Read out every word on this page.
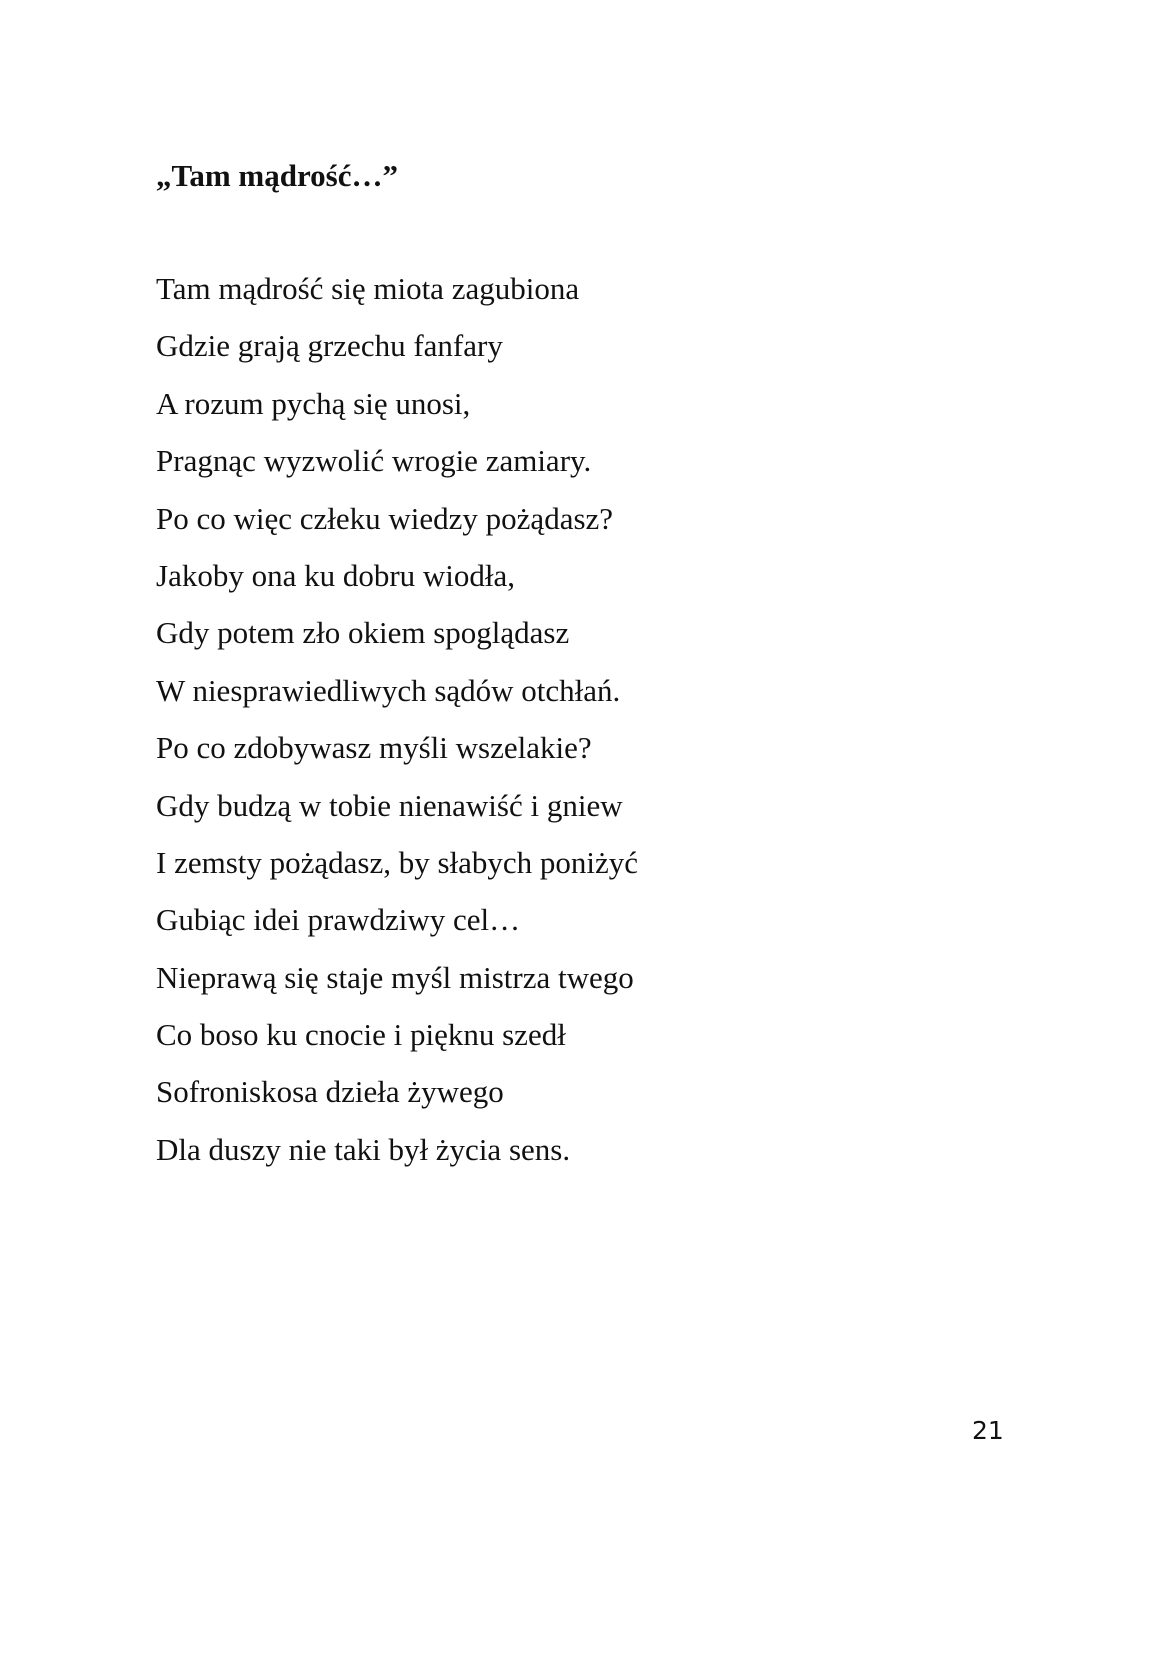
„Tam mądrość…”
Tam mądrość się miota zagubiona
Gdzie grają grzechu fanfary
A rozum pychą się unosi,
Pragnąc wyzwolić wrogie zamiary.
Po co więc człeku wiedzy pożądasz?
Jakoby ona ku dobru wiodła,
Gdy potem zło okiem spoglądasz
W niesprawiedliwych sądów otchłań.
Po co zdobywasz myśli wszelakie?
Gdy budzą w tobie nienawiść i gniew
I zemsty pożądasz, by słabych poniżyć
Gubiąc idei prawdziwy cel…
Nieprawą się staje myśl mistrza twego
Co boso ku cnocie i pięknu szedł
Sofroniskosa dzieła żywego
Dla duszy nie taki był życia sens.
21
